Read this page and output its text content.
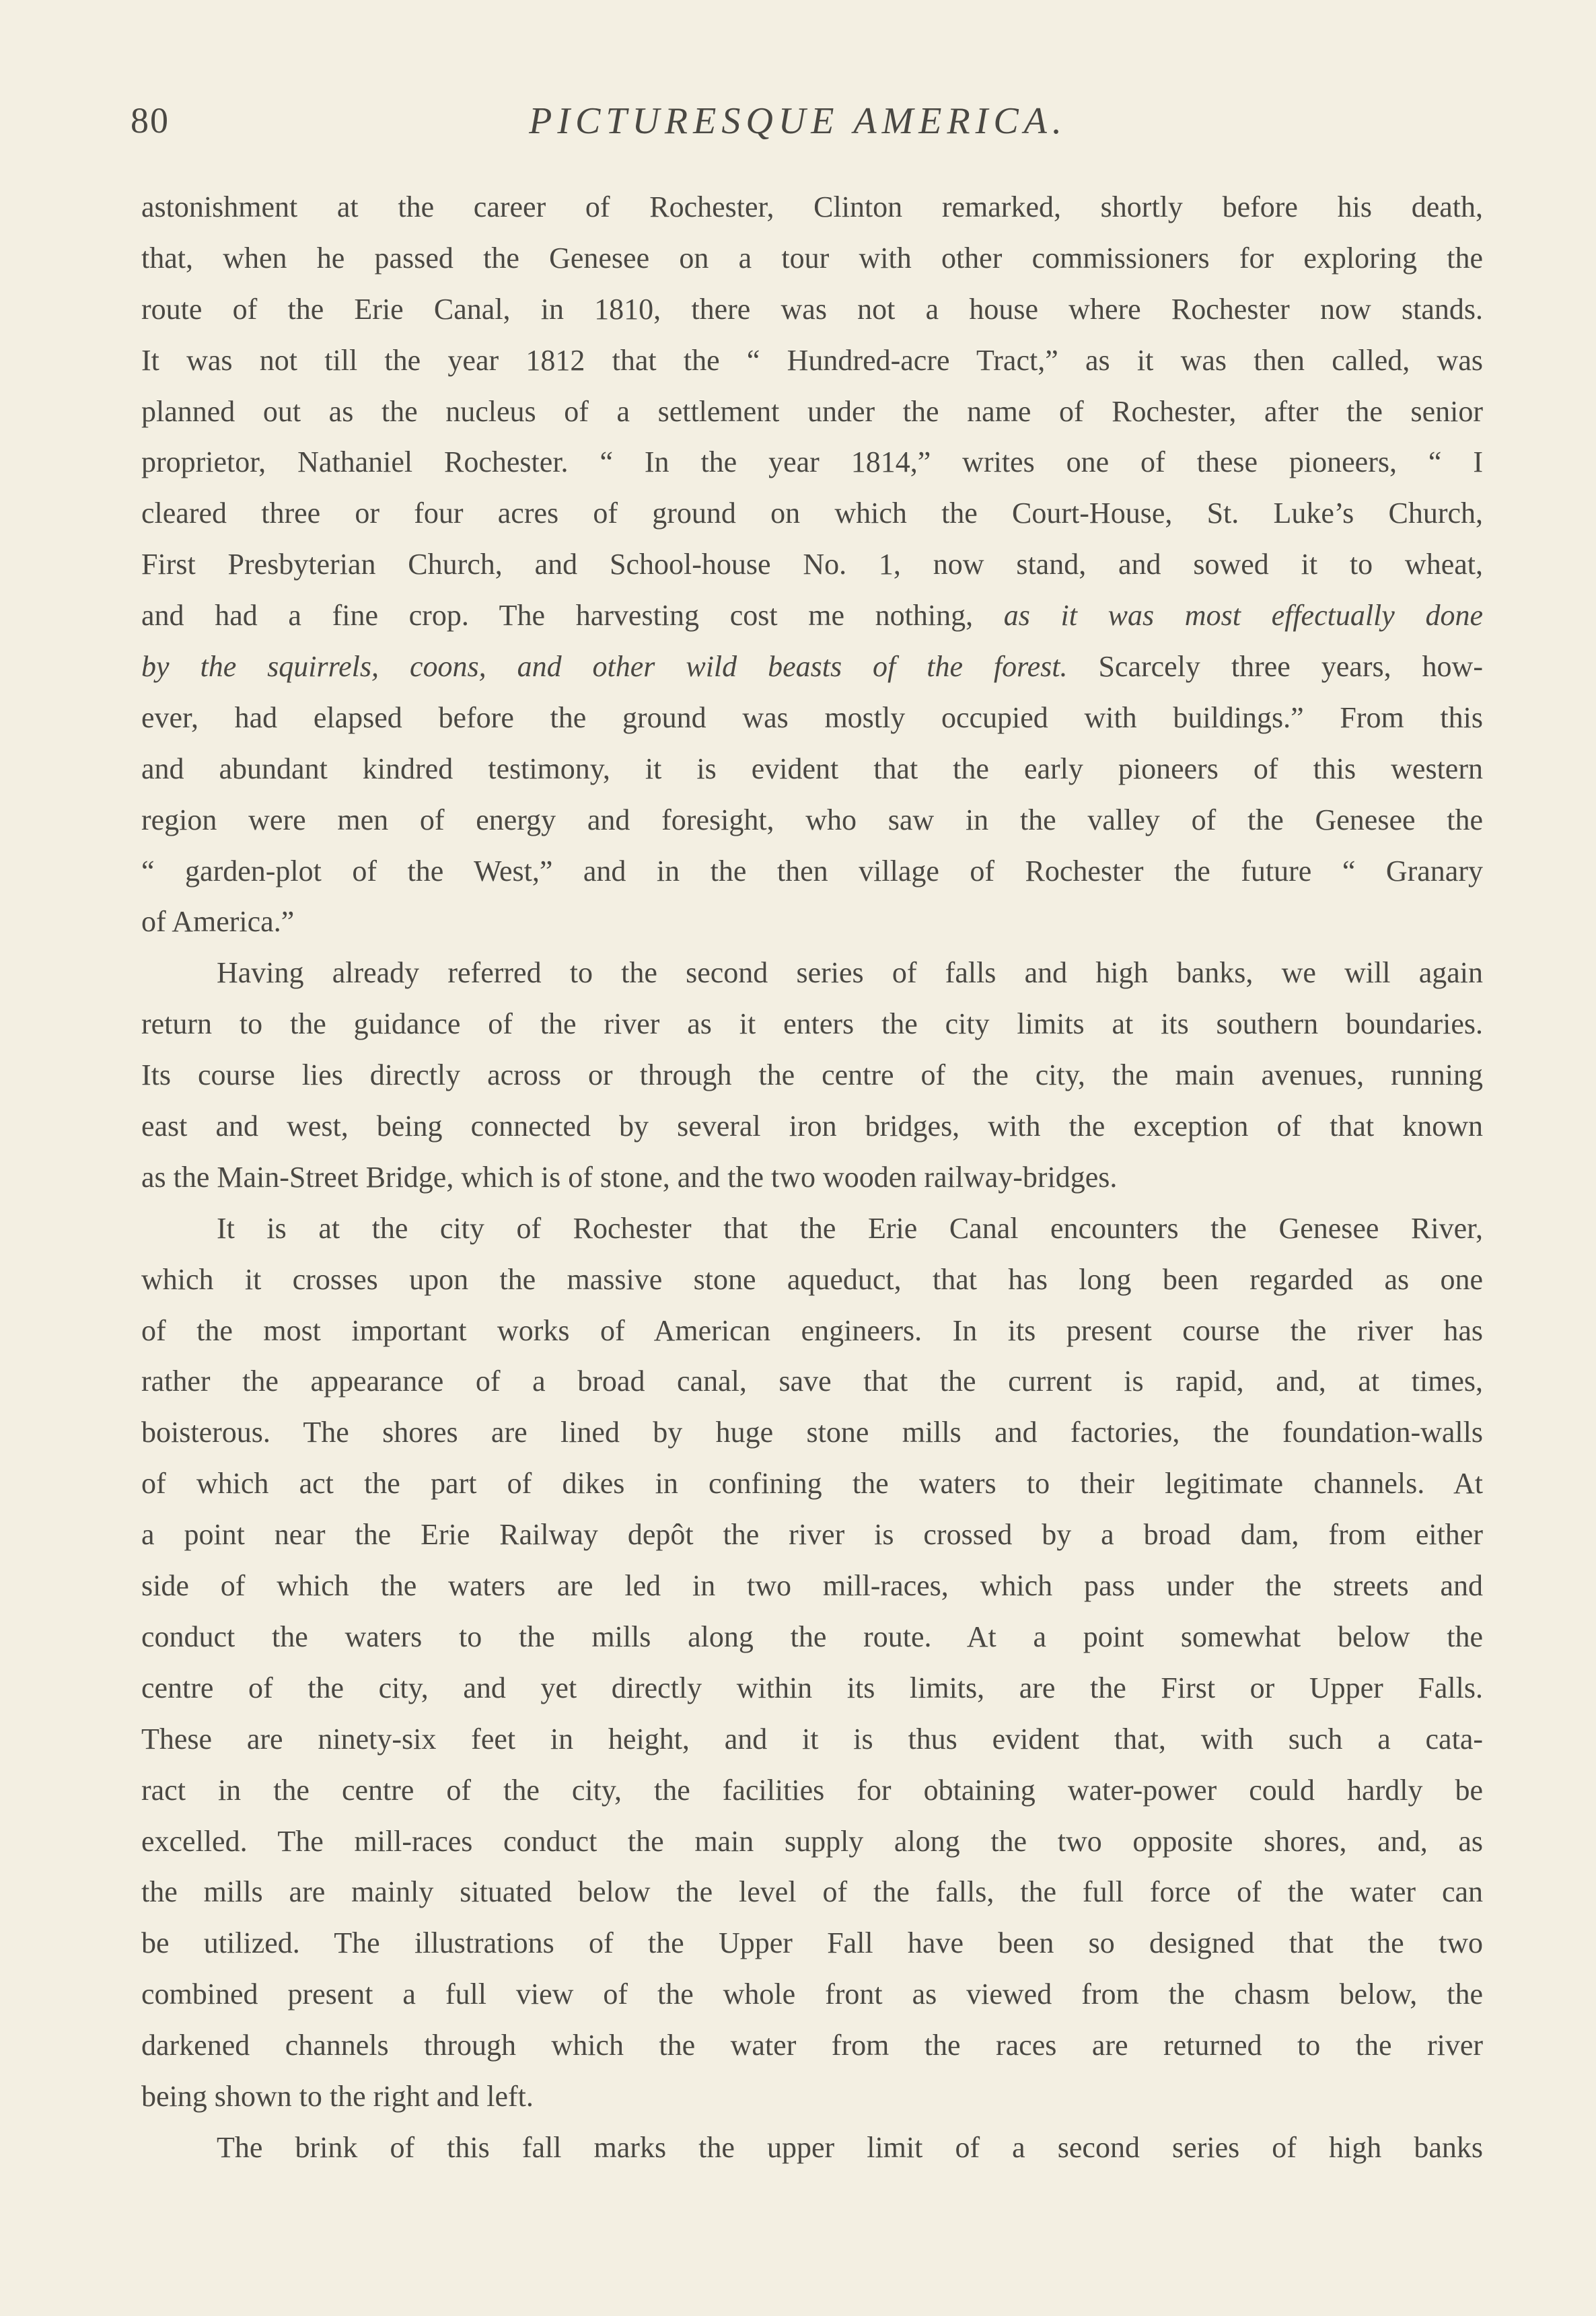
80	PICTURESQUE AMERICA.
astonishment at the career of Rochester, Clinton remarked, shortly before his death,
that, when he passed the Genesee on a tour with other commissioners for exploring the
route of the Erie Canal, in 1810, there was not a house where Rochester now stands.
It was not till the year 1812 that the “ Hundred-acre Tract,” as it was then called, was
planned out as the nucleus of a settlement under the name of Rochester, after the senior
proprietor, Nathaniel Rochester. “ In the year 1814,” writes one of these pioneers, “ I
cleared three or four acres of ground on which the Court-House, St. Luke’s Church,
First Presbyterian Church, and School-house No. 1, now stand, and sowed it to wheat,
and had a fine crop. The harvesting cost me nothing, as it was most effectually done
by the squirrels, coons, and other wild beasts of the forest. Scarcely three years, how-
ever, had elapsed before the ground was mostly occupied with buildings.” From this
and abundant kindred testimony, it is evident that the early pioneers of this western
region were men of energy and foresight, who saw in the valley of the Genesee the
“ garden-plot of the West,” and in the then village of Rochester the future “ Granary
of America.”
Having already referred to the second series of falls and high banks, we will again
return to the guidance of the river as it enters the city limits at its southern boundaries.
Its course lies directly across or through the centre of the city, the main avenues, running
east and west, being connected by several iron bridges, with the exception of that known
as the Main-Street Bridge, which is of stone, and the two wooden railway-bridges.
It is at the city of Rochester that the Erie Canal encounters the Genesee River,
which it crosses upon the massive stone aqueduct, that has long been regarded as one
of the most important works of American engineers. In its present course the river has
rather the appearance of a broad canal, save that the current is rapid, and, at times,
boisterous. The shores are lined by huge stone mills and factories, the foundation-walls
of which act the part of dikes in confining the waters to their legitimate channels. At
a point near the Erie Railway depôt the river is crossed by a broad dam, from either
side of which the waters are led in two mill-races, which pass under the streets and
conduct the waters to the mills along the route. At a point somewhat below the
centre of the city, and yet directly within its limits, are the First or Upper Falls.
These are ninety-six feet in height, and it is thus evident that, with such a cata-
ract in the centre of the city, the facilities for obtaining water-power could hardly be
excelled. The mill-races conduct the main supply along the two opposite shores, and, as
the mills are mainly situated below the level of the falls, the full force of the water can
be utilized. The illustrations of the Upper Fall have been so designed that the two
combined present a full view of the whole front as viewed from the chasm below, the
darkened channels through which the water from the races are returned to the river
being shown to the right and left.
The brink of this fall marks the upper limit of a second series of high banks
